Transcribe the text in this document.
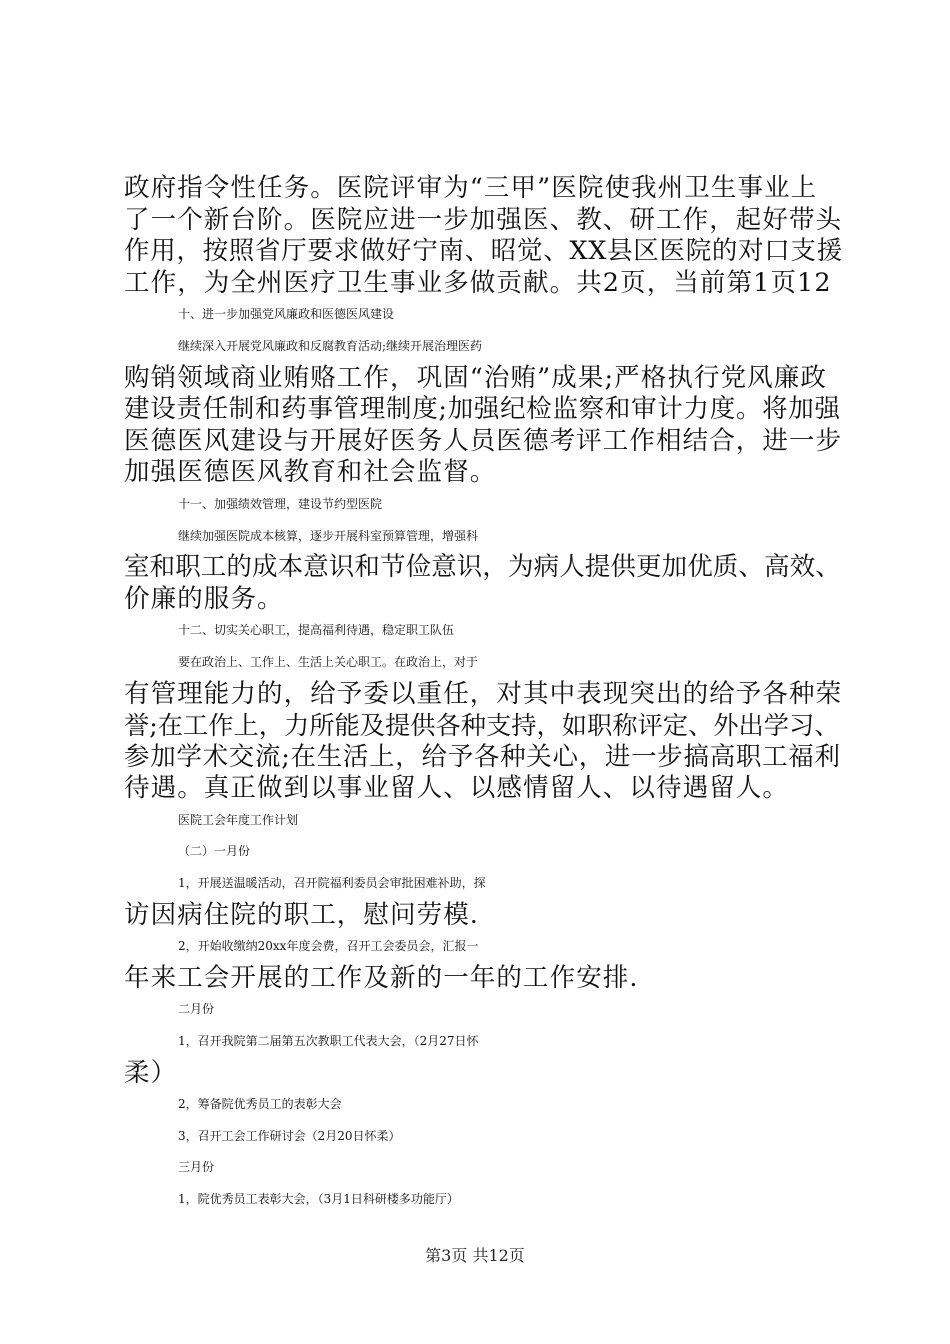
政府指令性任务。医院评审为“三甲”医院使我州卫生事业上
了一个新台阶。医院应进一步加强医、教、研工作，起好带头
作用，按照省厅要求做好宁南、昭觉、XX县区医院的对口支援
工作，为全州医疗卫生事业多做贡献。共2页，当前第1页12
十、进一步加强党风廉政和医德医风建设
继续深入开展党风廉政和反腐教育活动;继续开展治理医药
购销领域商业贿赂工作，巩固“治贿”成果;严格执行党风廉政
建设责任制和药事管理制度;加强纪检监察和审计力度。将加强
医德医风建设与开展好医务人员医德考评工作相结合，进一步
加强医德医风教育和社会监督。
十一、加强绩效管理，建设节约型医院
继续加强医院成本核算，逐步开展科室预算管理，增强科
室和职工的成本意识和节俭意识，为病人提供更加优质、高效、
价廉的服务。
十二、切实关心职工，提高福利待遇，稳定职工队伍
要在政治上、工作上、生活上关心职工。在政治上，对于
有管理能力的，给予委以重任，对其中表现突出的给予各种荣
誉;在工作上，力所能及提供各种支持，如职称评定、外出学习、
参加学术交流;在生活上，给予各种关心，进一步搞高职工福利
待遇。真正做到以事业留人、以感情留人、以待遇留人。
医院工会年度工作计划
（二）一月份
1，开展送温暖活动，召开院福利委员会审批困难补助，探
访因病住院的职工，慰问劳模.
2，开始收缴纳20xx年度会费，召开工会委员会，汇报一
年来工会开展的工作及新的一年的工作安排.
二月份
1，召开我院第二届第五次教职工代表大会，（2月27日怀
柔）
2，筹备院优秀员工的表彰大会
3，召开工会工作研讨会（2月20日怀柔）
三月份
1，院优秀员工表彰大会，（3月1日科研楼多功能厅）
第3页 共12页
